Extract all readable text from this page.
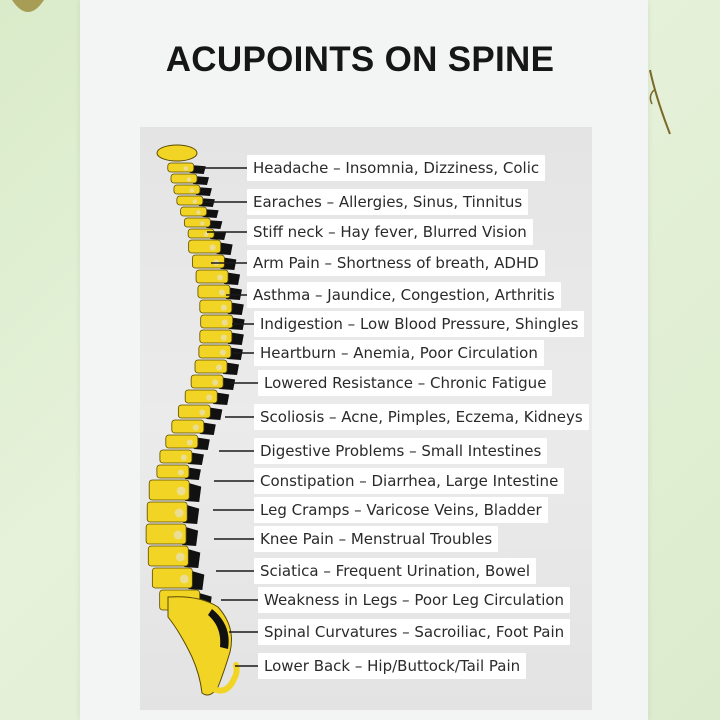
ACUPOINTS ON SPINE
Headache – Insomnia, Dizziness, Colic
Earaches – Allergies, Sinus, Tinnitus
Stiff neck – Hay fever, Blurred Vision
Arm Pain – Shortness of breath, ADHD
Asthma – Jaundice, Congestion, Arthritis
Indigestion – Low Blood Pressure, Shingles
Heartburn – Anemia, Poor Circulation
Lowered Resistance – Chronic Fatigue
Scoliosis – Acne, Pimples, Eczema, Kidneys
Digestive Problems – Small Intestines
Constipation – Diarrhea, Large Intestine
Leg Cramps – Varicose Veins, Bladder
Knee Pain – Menstrual Troubles
Sciatica – Frequent Urination, Bowel
Weakness in Legs – Poor Leg Circulation
Spinal Curvatures – Sacroiliac, Foot Pain
Lower Back – Hip/Buttock/Tail Pain
